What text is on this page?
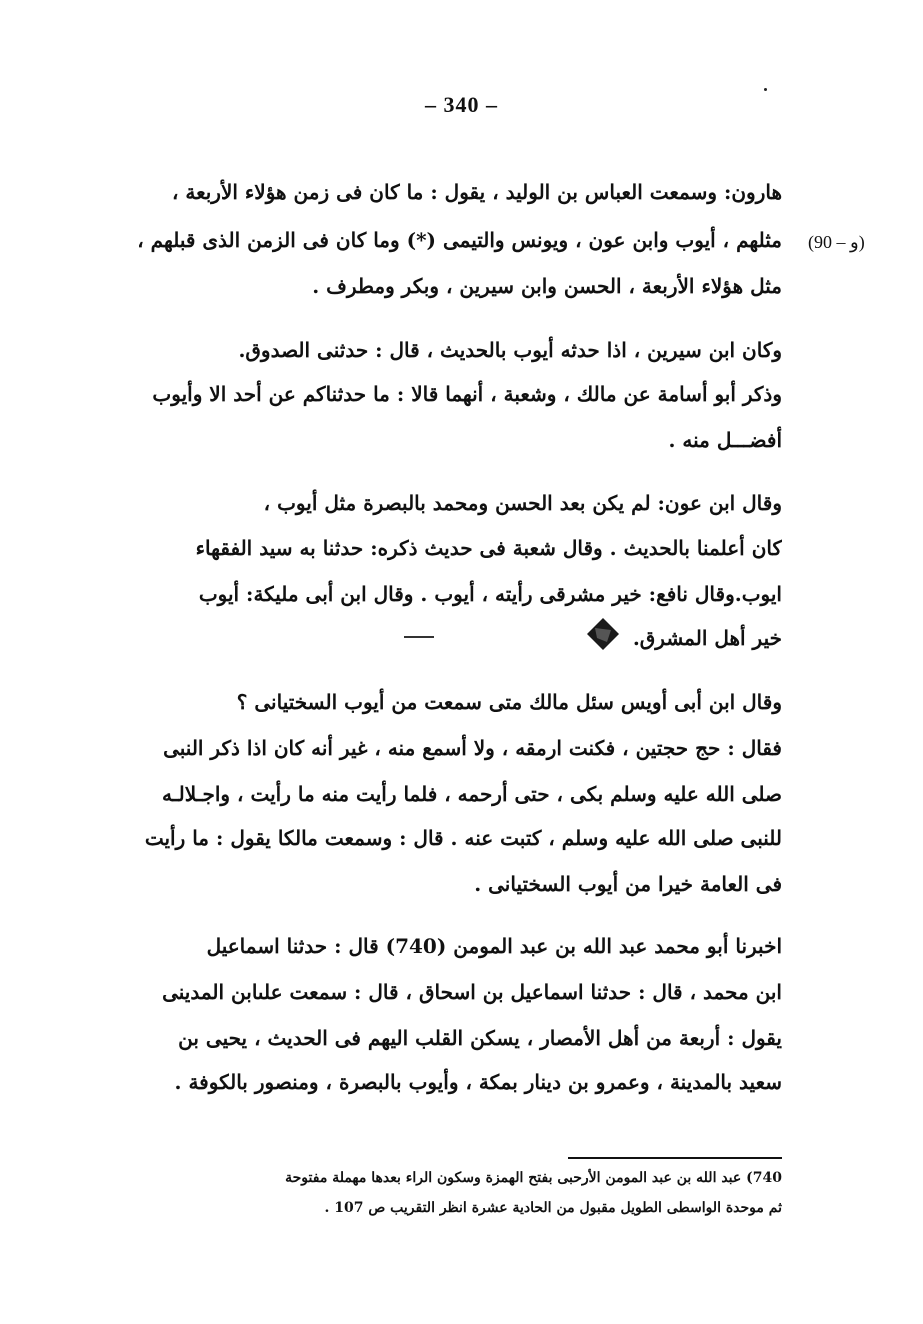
– 340 –
(90 – و)
هارون: وسمعت العباس بن الوليد ، يقول : ما كان فى زمن هؤلاء الأربعة ،
مثلهم ، أيوب وابن عون ، ويونس والتيمى (*) وما كان فى الزمن الذى قبلهم ،
مثل هؤلاء الأربعة ، الحسن وابن سيرين ، وبكر ومطرف .
وكان ابن سيرين ، اذا حدثه أيوب بالحديث ، قال : حدثنى الصدوق.
وذكر أبو أسامة عن مالك ، وشعبة ، أنهما قالا : ما حدثناكم عن أحد الا وأيوب
أفضـــل منه .
وقال ابن عون: لم يكن بعد الحسن ومحمد بالبصرة مثل أيوب ،
كان أعلمنا بالحديث . وقال شعبة فى حديث ذكره: حدثنا به سيد الفقهاء
ايوب.وقال نافع: خير مشرقى رأيته ، أيوب . وقال ابن أبى مليكة: أيوب
خير أهل المشرق.
وقال ابن أبى أويس سئل مالك متى سمعت من أيوب السختيانى ؟
فقال : حج حجتين ، فكنت ارمقه ، ولا أسمع منه ، غير أنه كان اذا ذكر النبى
صلى الله عليه وسلم بكى ، حتى أرحمه ، فلما رأيت منه ما رأيت ، واجـلالـه
للنبى صلى الله عليه وسلم ، كتبت عنه . قال : وسمعت مالكا يقول : ما رأيت
فى العامة خيرا من أيوب السختيانى .
اخبرنا أبو محمد عبد الله بن عبد المومن (740) قال : حدثنا اسماعيل
ابن محمد ، قال : حدثنا اسماعيل بن اسحاق ، قال : سمعت علىابن المدينى
يقول : أربعة من أهل الأمصار ، يسكن القلب اليهم فى الحديث ، يحيى بن
سعيد بالمدينة ، وعمرو بن دينار بمكة ، وأيوب بالبصرة ، ومنصور بالكوفة .
740) عبد الله بن عبد المومن الأرحبى بفتح الهمزة وسكون الراء بعدها مهملة مفتوحة
ثم موحدة الواسطى الطويل مقبول من الحادية عشرة انظر التقريب ص 107 .
